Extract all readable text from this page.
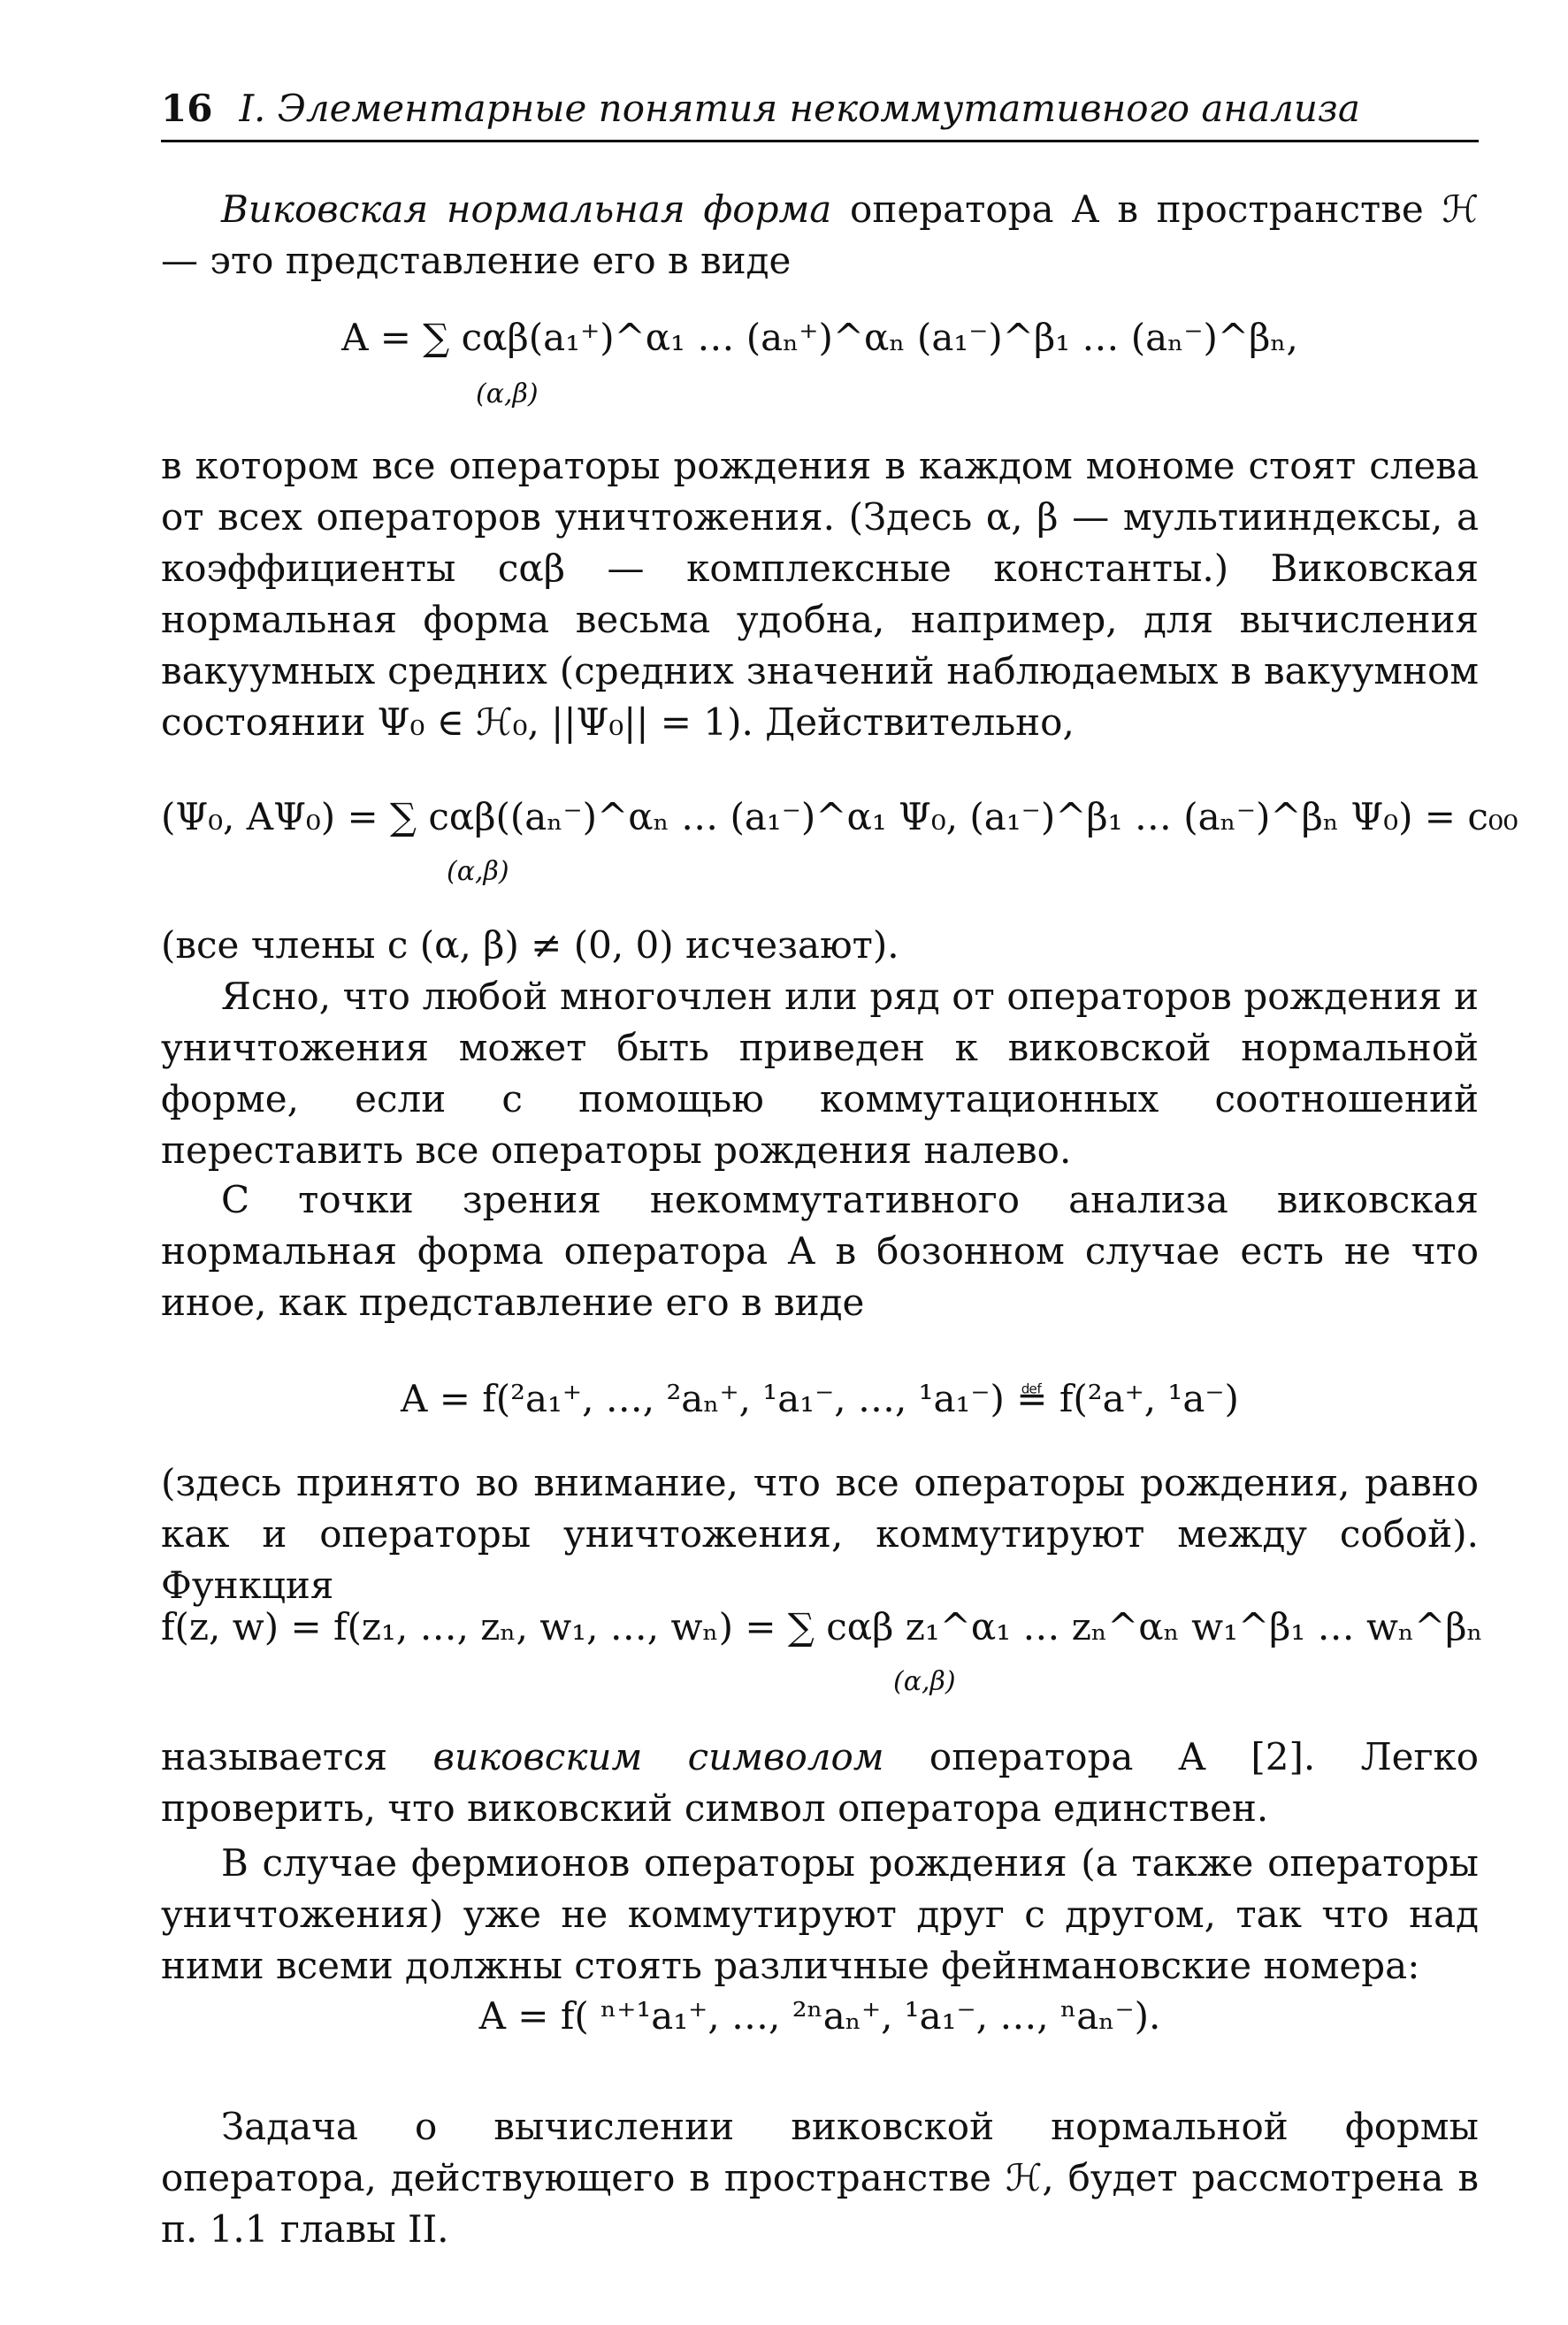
16 I. Элементарные понятия некоммутативного анализа
Виковская нормальная форма оператора A в пространстве ℋ — это представление его в виде
A = ∑ cαβ(a₁⁺)^α₁ … (aₙ⁺)^αₙ (a₁⁻)^β₁ … (aₙ⁻)^βₙ,
(α,β)
в котором все операторы рождения в каждом мономе стоят слева от всех операторов уничтожения. (Здесь α, β — мультииндексы, а коэффициенты cαβ — комплексные константы.) Виковская нормальная форма весьма удобна, например, для вычисления вакуумных средних (средних значений наблюдаемых в вакуумном состоянии Ψ₀ ∈ ℋ₀, ||Ψ₀|| = 1). Действительно,
(Ψ₀, AΨ₀) = ∑ cαβ((aₙ⁻)^αₙ … (a₁⁻)^α₁ Ψ₀, (a₁⁻)^β₁ … (aₙ⁻)^βₙ Ψ₀) = c₀₀
(α,β)
(все члены с (α, β) ≠ (0, 0) исчезают).
Ясно, что любой многочлен или ряд от операторов рождения и уничтожения может быть приведен к виковской нормальной форме, если с помощью коммутационных соотношений переставить все операторы рождения налево.
С точки зрения некоммутативного анализа виковская нормальная форма оператора A в бозонном случае есть не что иное, как представление его в виде
A = f(²a₁⁺, …, ²aₙ⁺, ¹a₁⁻, …, ¹a₁⁻) ≝ f(²a⁺, ¹a⁻)
(здесь принято во внимание, что все операторы рождения, равно как и операторы уничтожения, коммутируют между собой). Функция
f(z, w) = f(z₁, …, zₙ, w₁, …, wₙ) = ∑ cαβ z₁^α₁ … zₙ^αₙ w₁^β₁ … wₙ^βₙ
(α,β)
называется виковским символом оператора A [2]. Легко проверить, что виковский символ оператора единствен.
В случае фермионов операторы рождения (а также операторы уничтожения) уже не коммутируют друг с другом, так что над ними всеми должны стоять различные фейнмановские номера:
A = f( ⁿ⁺¹a₁⁺, …, ²ⁿaₙ⁺, ¹a₁⁻, …, ⁿaₙ⁻).
Задача о вычислении виковской нормальной формы оператора, действующего в пространстве ℋ, будет рассмотрена в п. 1.1 главы II.
